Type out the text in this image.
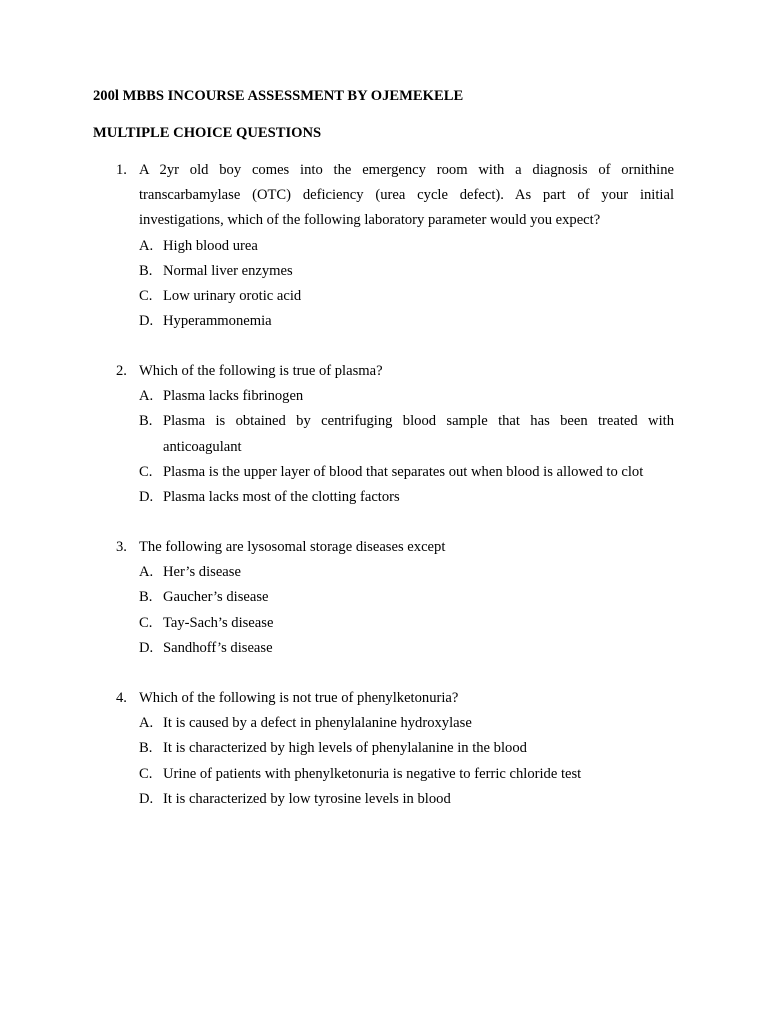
200l MBBS INCOURSE ASSESSMENT BY OJEMEKELE
MULTIPLE CHOICE QUESTIONS
1. A 2yr old boy comes into the emergency room with a diagnosis of ornithine transcarbamylase (OTC) deficiency (urea cycle defect). As part of your initial investigations, which of the following laboratory parameter would you expect?
A. High blood urea
B. Normal liver enzymes
C. Low urinary orotic acid
D. Hyperammonemia
2. Which of the following is true of plasma?
A. Plasma lacks fibrinogen
B. Plasma is obtained by centrifuging blood sample that has been treated with anticoagulant
C. Plasma is the upper layer of blood that separates out when blood is allowed to clot
D. Plasma lacks most of the clotting factors
3. The following are lysosomal storage diseases except
A. Her’s disease
B. Gaucher’s disease
C. Tay-Sach’s disease
D. Sandhoff’s disease
4. Which of the following is not true of phenylketonuria?
A. It is caused by a defect in phenylalanine hydroxylase
B. It is characterized by high levels of phenylalanine in the blood
C. Urine of patients with phenylketonuria is negative to ferric chloride test
D. It is characterized by low tyrosine levels in blood
